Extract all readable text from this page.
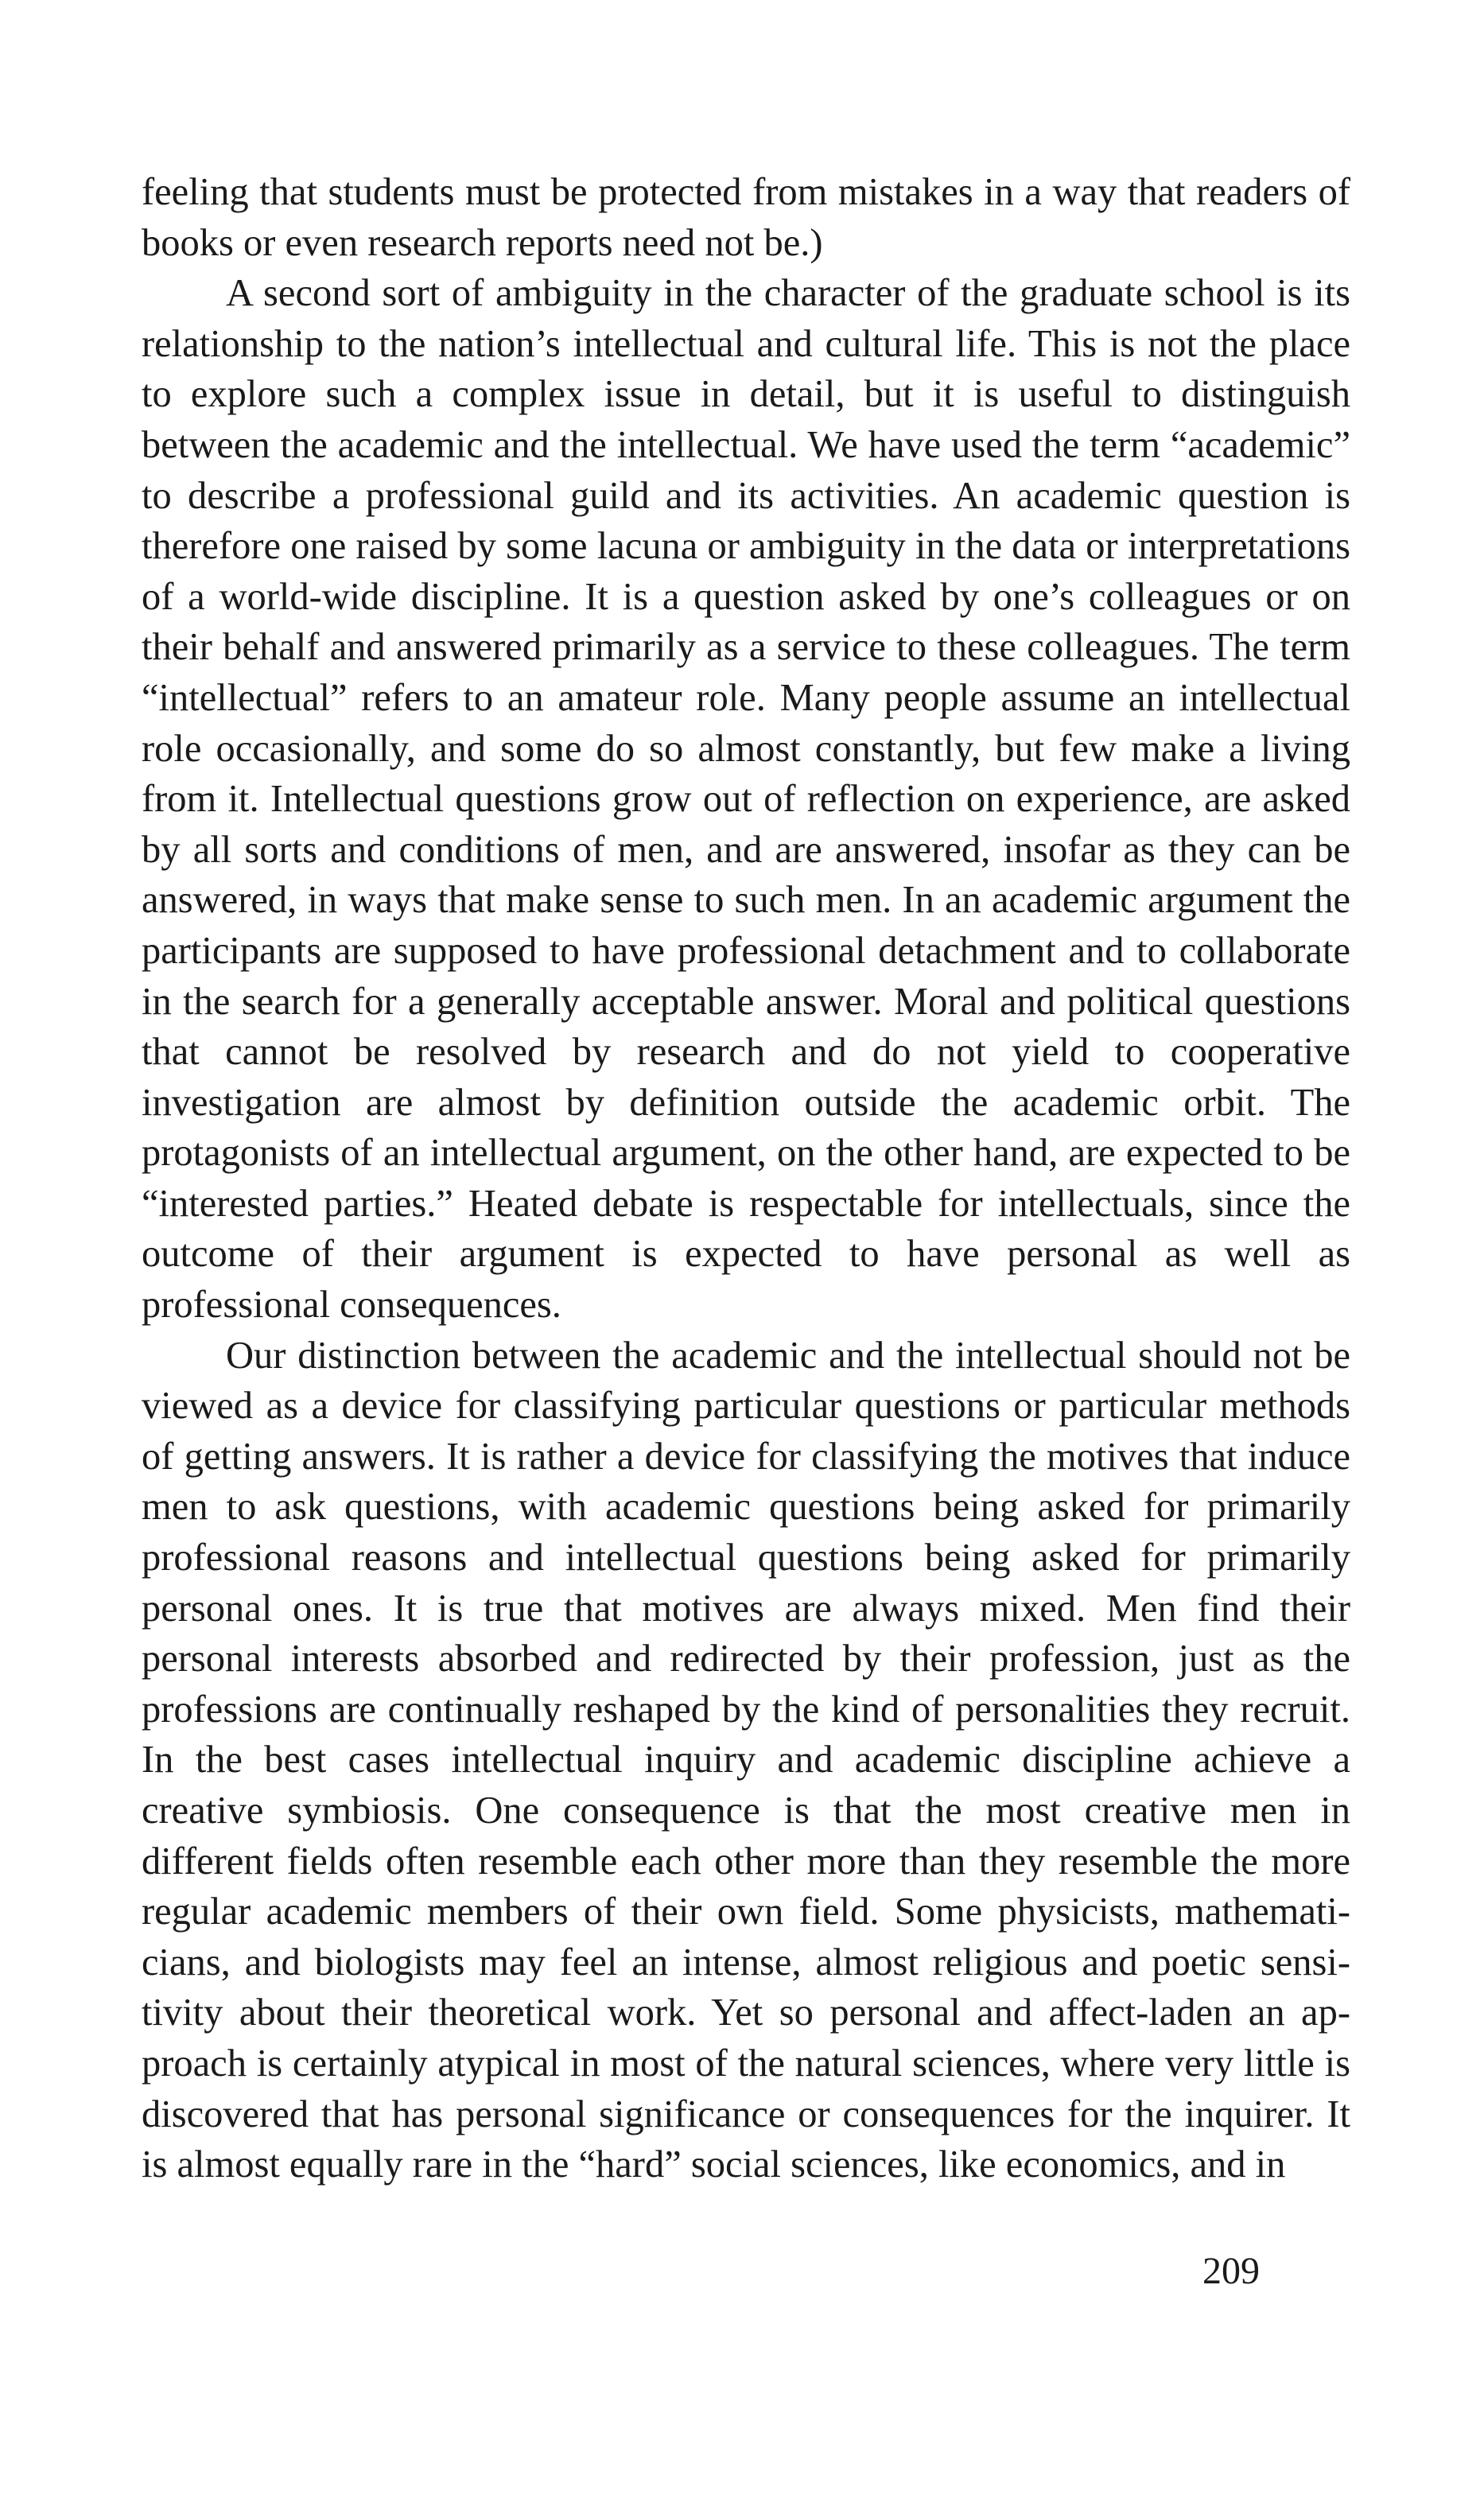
feeling that students must be protected from mistakes in a way that readers of books or even research reports need not be.)

A second sort of ambiguity in the character of the graduate school is its relationship to the nation’s intellectual and cultural life. This is not the place to explore such a complex issue in detail, but it is useful to distinguish between the academic and the intellectual. We have used the term “academic” to describe a professional guild and its activities. An academic question is therefore one raised by some lacuna or ambiguity in the data or interpretations of a world-wide discipline. It is a question asked by one’s colleagues or on their behalf and answered primarily as a service to these colleagues. The term “intellectual” refers to an amateur role. Many people assume an intellectual role occasionally, and some do so almost constantly, but few make a living from it. Intellectual questions grow out of reflection on experience, are asked by all sorts and conditions of men, and are answered, insofar as they can be answered, in ways that make sense to such men. In an academic argument the participants are supposed to have professional detachment and to collaborate in the search for a generally acceptable answer. Moral and political questions that cannot be resolved by research and do not yield to cooperative investigation are almost by definition outside the academic orbit. The protagonists of an intellectual argument, on the other hand, are expected to be “interested parties.” Heated debate is respectable for intellectuals, since the outcome of their argument is expected to have personal as well as professional consequences.

Our distinction between the academic and the intellectual should not be viewed as a device for classifying particular questions or particular methods of getting answers. It is rather a device for classifying the motives that induce men to ask questions, with academic questions being asked for primarily professional reasons and intellectual questions being asked for primarily personal ones. It is true that motives are always mixed. Men find their personal interests absorbed and redirected by their profession, just as the professions are continually reshaped by the kind of personalities they recruit. In the best cases intellectual inquiry and academic discipline achieve a creative symbiosis. One consequence is that the most creative men in different fields often resemble each other more than they resemble the more regular academic members of their own field. Some physicists, mathematicians, and biologists may feel an intense, almost religious and poetic sensitivity about their theoretical work. Yet so personal and affect-laden an approach is certainly atypical in most of the natural sciences, where very little is discovered that has personal significance or consequences for the inquirer. It is almost equally rare in the “hard” social sciences, like economics, and in

209
